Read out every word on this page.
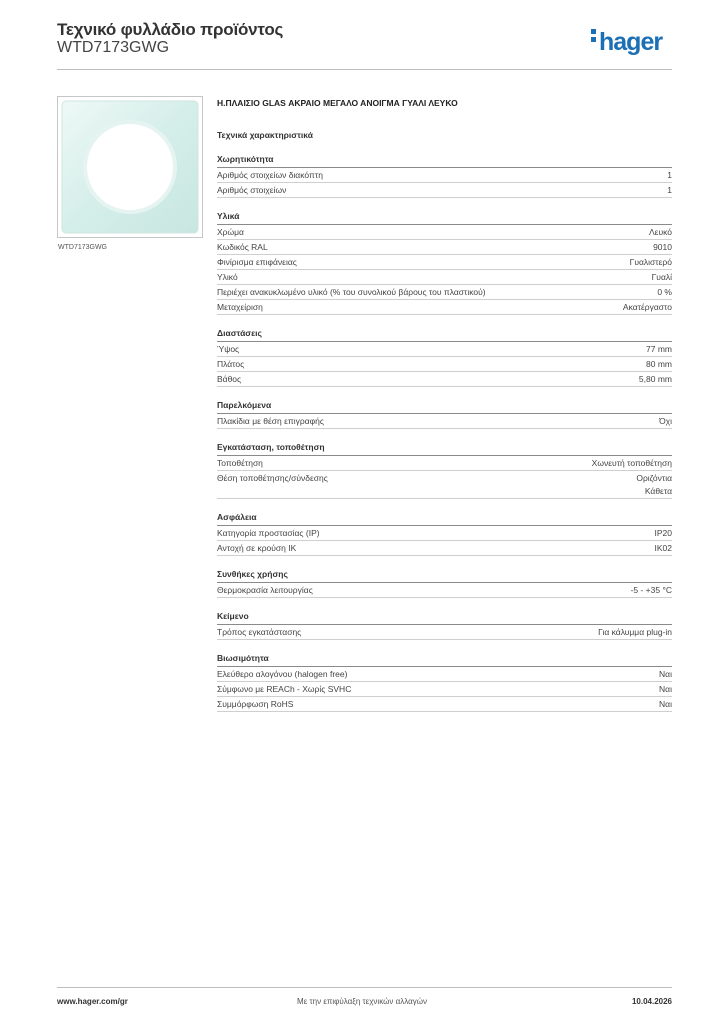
Τεχνικό φυλλάδιο προϊόντος
WTD7173GWG	hager
WTD7173GWG
Η.ΠΛΑΙΣΙΟ GLAS ΑΚΡΑΙΟ ΜΕΓΑΛΟ ΑΝΟΙΓΜΑ ΓΥΑΛΙ ΛΕΥΚΟ
Τεχνικά χαρακτηριστικά
Χωρητικότητα
Αριθμός στοιχείων διακόπτη	1
Αριθμός στοιχείων	1
Υλικά
Χρώμα	Λευκό
Κωδικός RAL	9010
Φινίρισμα επιφάνειας	Γυαλιστερό
Υλικό	Γυαλί
Περιέχει ανακυκλωμένο υλικό (% του συνολικού βάρους του πλαστικού)	0 %
Μεταχείριση	Ακατέργαστο
Διαστάσεις
Ύψος	77 mm
Πλάτος	80 mm
Βάθος	5,80 mm
Παρελκόμενα
Πλακίδια με θέση επιγραφής	Όχι
Εγκατάσταση, τοποθέτηση
Τοποθέτηση	Χωνευτή τοποθέτηση
Θέση τοποθέτησης/σύνδεσης	Οριζόντια
Κάθετα
Ασφάλεια
Κατηγορία προστασίας (IP)	IP20
Αντοχή σε κρούση IK	IK02
Συνθήκες χρήσης
Θερμοκρασία λειτουργίας	-5 - +35 °C
Κείμενο
Τρόπος εγκατάστασης	Για κάλυμμα plug-in
Βιωσιμότητα
Ελεύθερο αλογόνου (halogen free)	Ναι
Σύμφωνο με REACh - Χωρίς SVHC	Ναι
Συμμόρφωση RoHS	Ναι
www.hager.com/gr	Με την επιφύλαξη τεχνικών αλλαγών	10.04.2026
